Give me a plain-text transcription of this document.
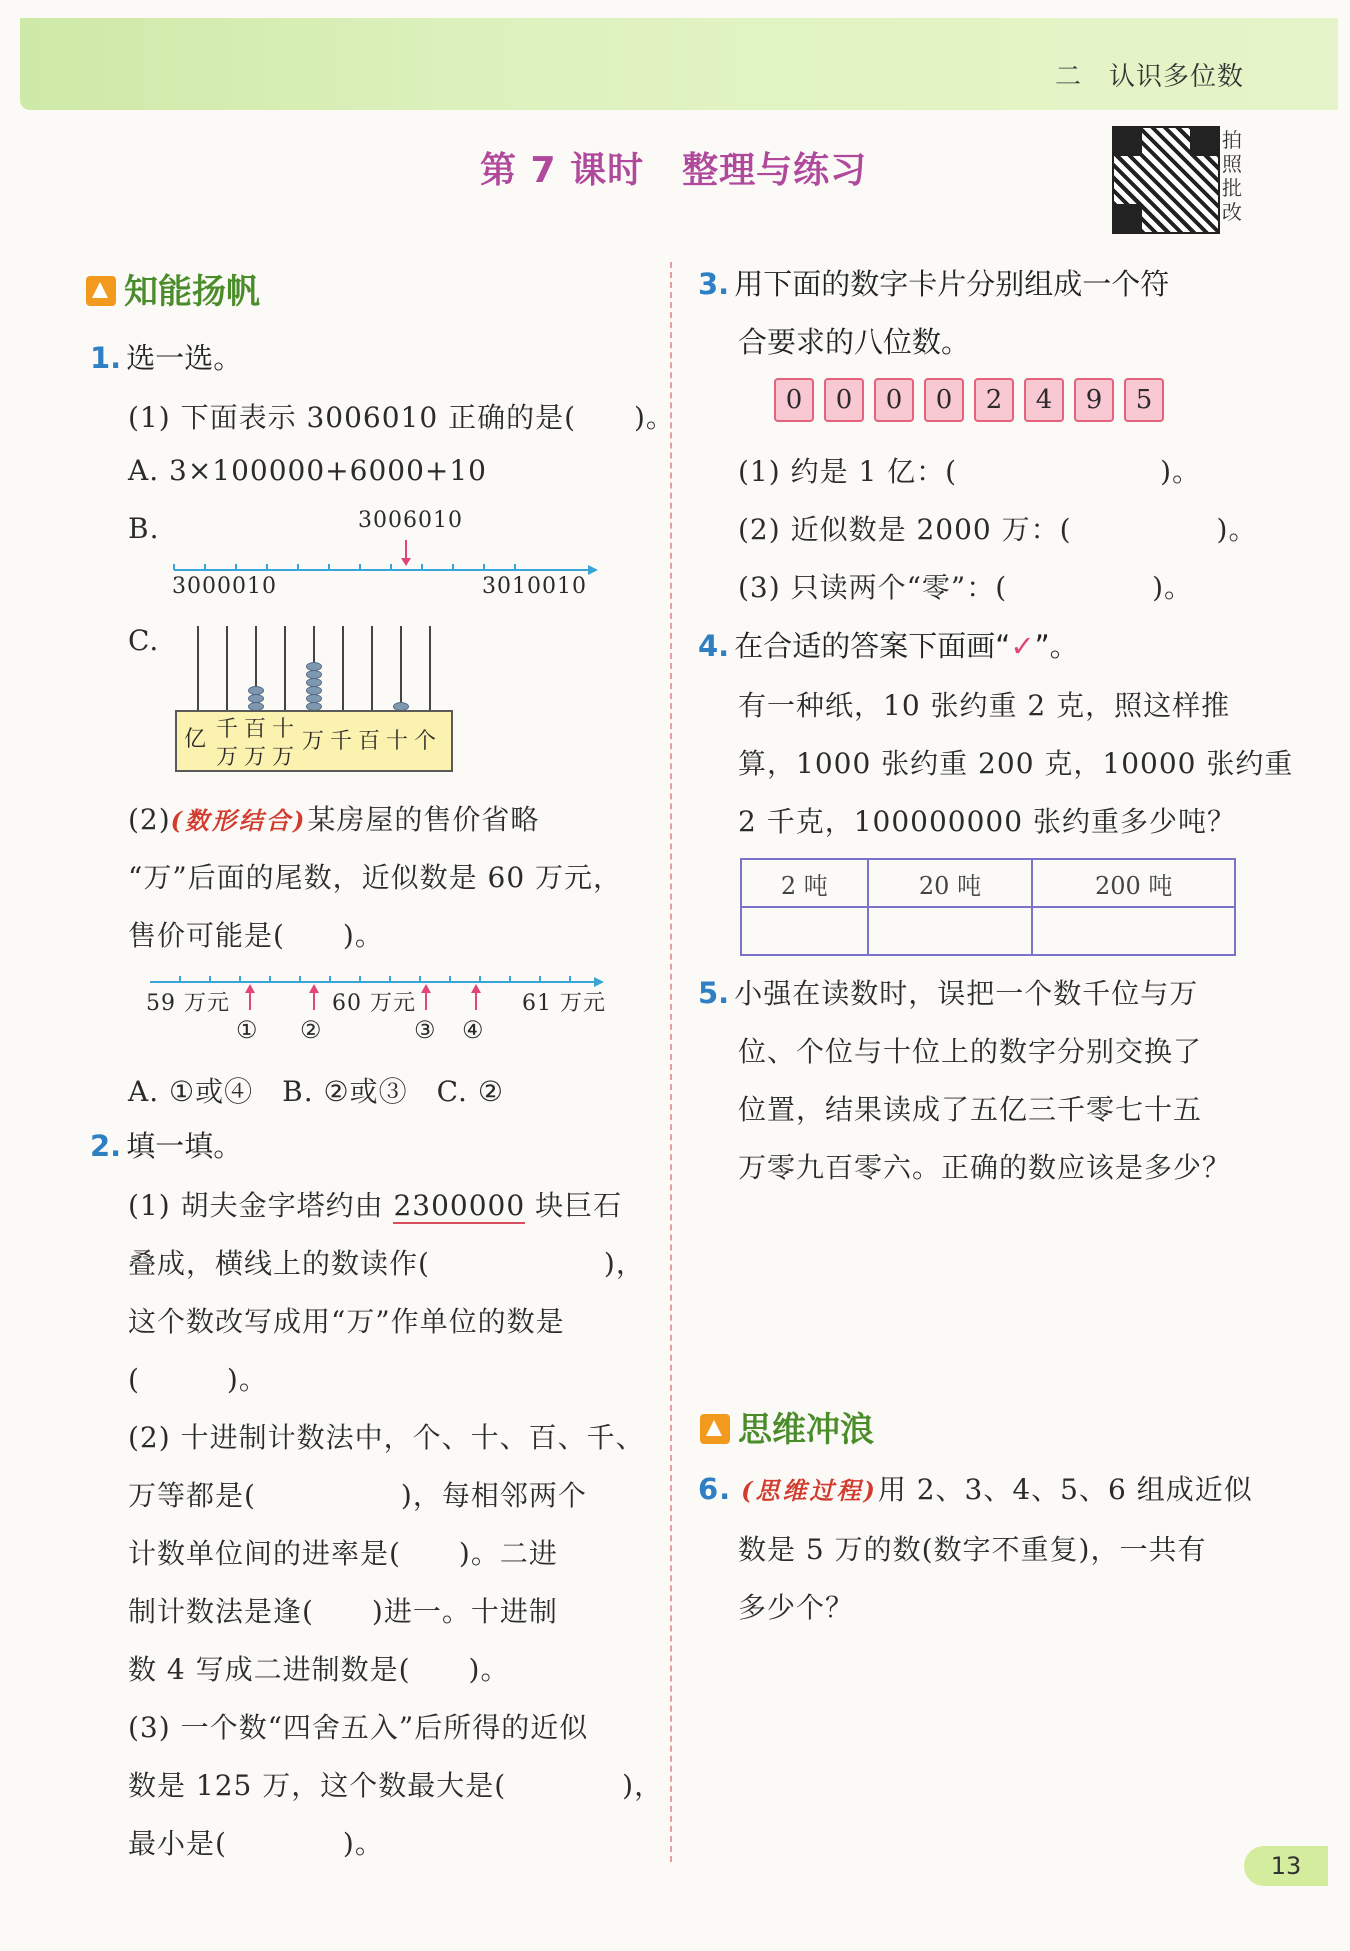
二　认识多位数
第 7 课时 整理与练习
拍照批改
知能扬帆
1. 选一选。
(1) 下面表示 3006010 正确的是(　　)。
A. 3×100000+6000+10
B.	3006010
3000010	3010010
C.
亿 千百十
万万万
万千百十个
(2)(数形结合)某房屋的售价省略
“万”后面的尾数，近似数是 60 万元，
售价可能是(　　)。
59 万元	60 万元	61 万元
① ②	③ ④
A. ①或④　B. ②或③　C. ②
2. 填一填。
(1) 胡夫金字塔约由 2300000 块巨石
叠成，横线上的数读作(　　　　　　)，
这个数改写成用“万”作单位的数是
(　　　)。
(2) 十进制计数法中，个、十、百、千、
万等都是(　　　　　)，每相邻两个
计数单位间的进率是(　　)。二进
制计数法是逢(　　)进一。十进制
数 4 写成二进制数是(　　)。
(3) 一个数“四舍五入”后所得的近似
数是 125 万，这个数最大是(　　　　)，
最小是(　　　　)。
3. 用下面的数字卡片分别组成一个符
合要求的八位数。
0 0 0 0 2 4 9 5
(1) 约是 1 亿：(　　　　　　　)。
(2) 近似数是 2000 万：(　　　　　)。
(3) 只读两个“零”：(　　　　　)。
4. 在合适的答案下面画“✓”。
有一种纸，10 张约重 2 克，照这样推
算，1000 张约重 200 克，10000 张约重
2 千克，100000000 张约重多少吨？
2 吨	20 吨	200 吨

5. 小强在读数时，误把一个数千位与万
位、个位与十位上的数字分别交换了
位置，结果读成了五亿三千零七十五
万零九百零六。正确的数应该是多少？
思维冲浪
6. (思维过程)用 2、3、4、5、6 组成近似
数是 5 万的数(数字不重复)，一共有
多少个？
13
